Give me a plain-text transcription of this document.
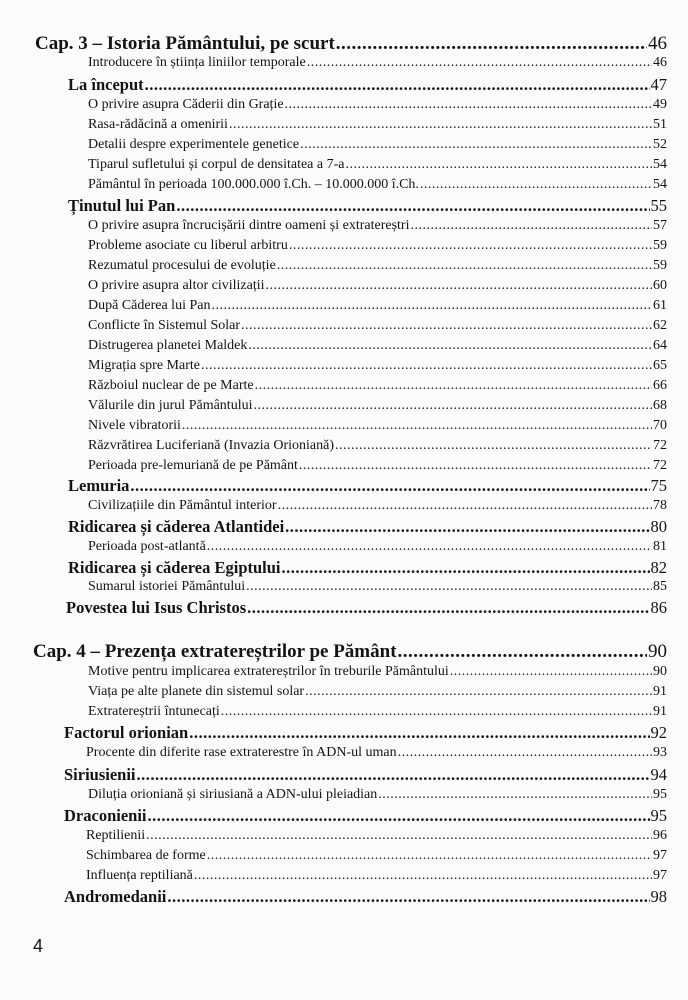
Cap. 3 – Istoria Pământului, pe scurt .....	46
Introducere în știința liniilor temporale .....	46
La început .....	47
O privire asupra Căderii din Grație .....	49
Rasa-rădăcină a omenirii .....	51
Detalii despre experimentele genetice .....	52
Tiparul sufletului și corpul de densitatea a 7-a .....	54
Pământul în perioada 100.000.000 î.Ch. – 10.000.000 î.Ch. .....	54
Ținutul lui Pan .....	55
O privire asupra încrucișării dintre oameni și extratereștri .....	57
Probleme asociate cu liberul arbitru .....	59
Rezumatul procesului de evoluție .....	59
O privire asupra altor civilizații .....	60
După Căderea lui Pan .....	61
Conflicte în Sistemul Solar .....	62
Distrugerea planetei Maldek .....	64
Migrația spre Marte .....	65
Războiul nuclear de pe Marte .....	66
Vălurile din jurul Pământului .....	68
Nivele vibratorii .....	70
Răzvrătirea Luciferiană (Invazia Orioniană) .....	72
Perioada pre-lemuriană de pe Pământ .....	72
Lemuria .....	75
Civilizațiile din Pământul interior .....	78
Ridicarea și căderea Atlantidei .....	80
Perioada post-atlantă .....	81
Ridicarea și căderea Egiptului .....	82
Sumarul istoriei Pământului .....	85
Povestea lui Isus Christos .....	86
Cap. 4 – Prezența extratereștrilor pe Pământ .....	90
Motive pentru implicarea extratereștrilor în treburile Pământului .....	90
Viața pe alte planete din sistemul solar .....	91
Extratereștrii întunecați .....	91
Factorul orionian .....	92
Procente din diferite rase extraterestre în ADN-ul uman .....	93
Siriusienii .....	94
Diluția orioniană și siriusiană a ADN-ului pleiadian .....	95
Draconienii .....	95
Reptilienii .....	96
Schimbarea de forme .....	97
Influența reptiliană .....	97
Andromedanii .....	98
4
